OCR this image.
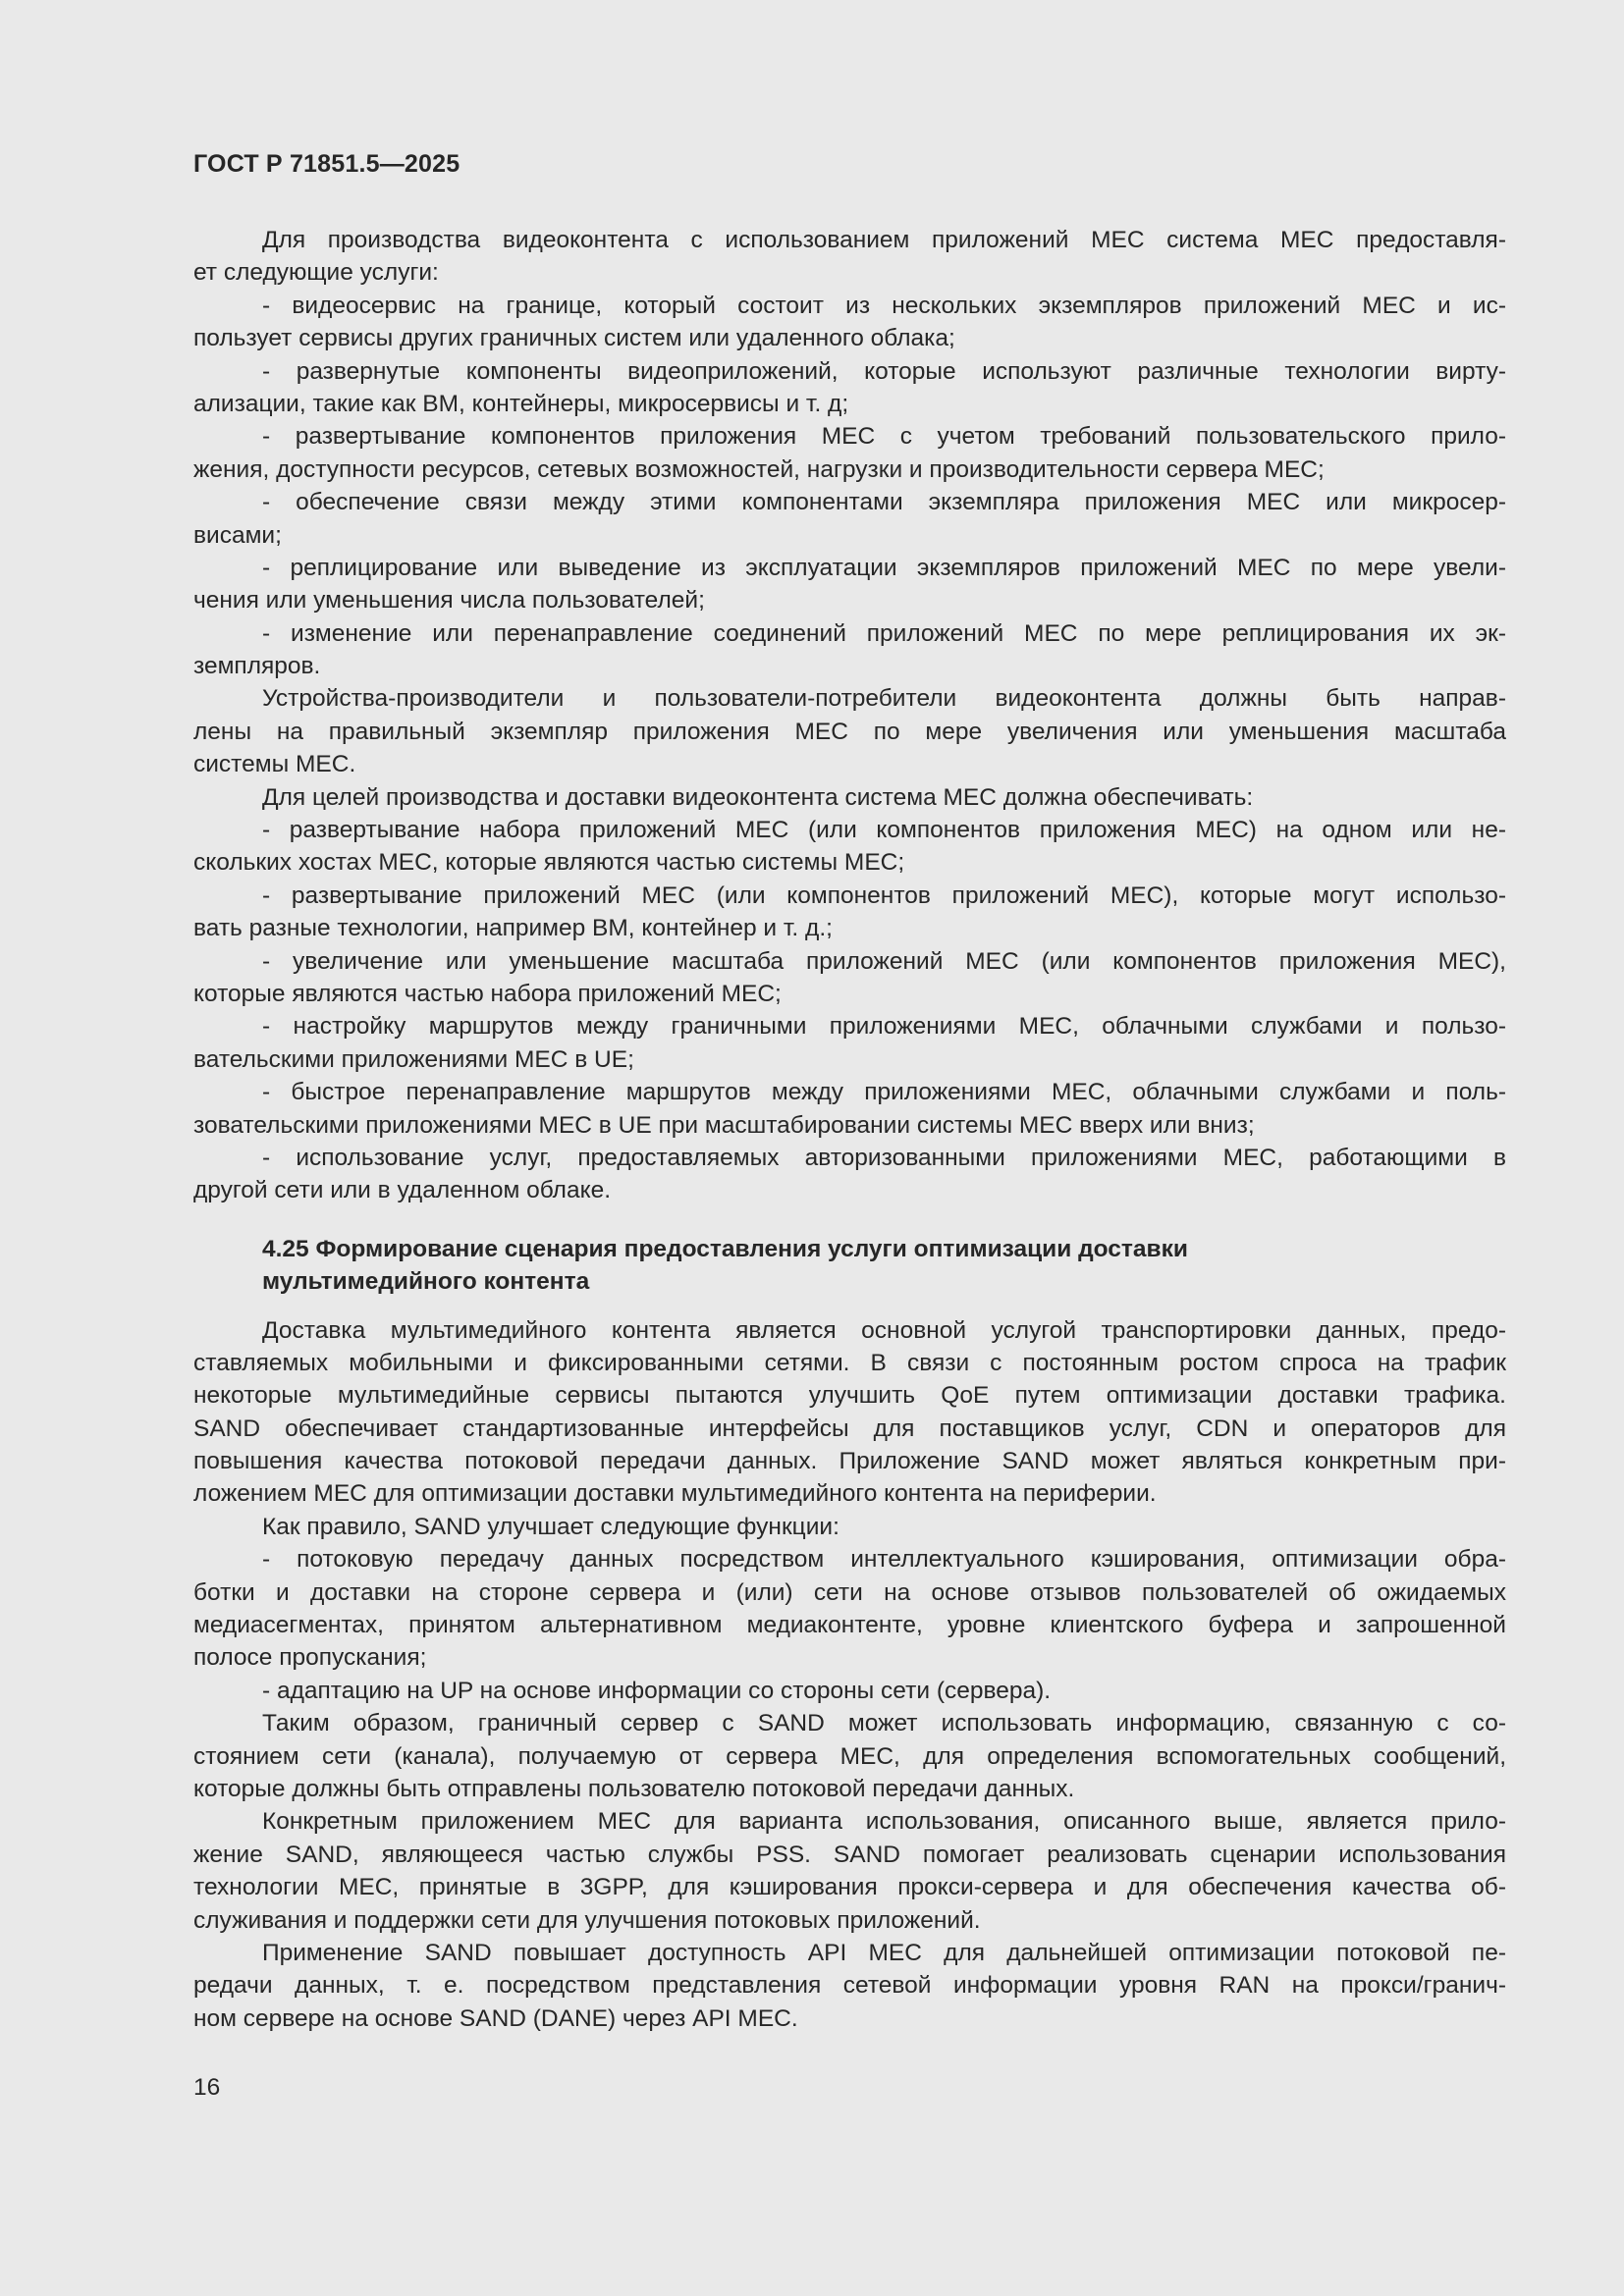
ГОСТ Р 71851.5—2025

Для производства видеоконтента с использованием приложений MEC система MEC предоставля-
ет следующие услуги:

- видеосервис на границе, который состоит из нескольких экземпляров приложений MEC и ис-
пользует сервисы других граничных систем или удаленного облака;

- развернутые компоненты видеоприложений, которые используют различные технологии вирту-
ализации, такие как ВМ, контейнеры, микросервисы и т. д;

- развертывание компонентов приложения MEC с учетом требований пользовательского прило-
жения, доступности ресурсов, сетевых возможностей, нагрузки и производительности сервера MEC;

- обеспечение связи между этими компонентами экземпляра приложения MEC или микросер-
висами;

- реплицирование или выведение из эксплуатации экземпляров приложений MEC по мере увели-
чения или уменьшения числа пользователей;

- изменение или перенаправление соединений приложений MEC по мере реплицирования их эк-
земпляров.

Устройства-производители и пользователи-потребители видеоконтента должны быть направ-
лены на правильный экземпляр приложения MEC по мере увеличения или уменьшения масштаба
системы MEC.

Для целей производства и доставки видеоконтента система MEC должна обеспечивать:

- развертывание набора приложений MEC (или компонентов приложения MEC) на одном или не-
скольких хостах MEC, которые являются частью системы MEC;

- развертывание приложений MEC (или компонентов приложений MEC), которые могут использо-
вать разные технологии, например ВМ, контейнер и т. д.;

- увеличение или уменьшение масштаба приложений MEC (или компонентов приложения MEC),
которые являются частью набора приложений MEC;

- настройку маршрутов между граничными приложениями MEC, облачными службами и пользо-
вательскими приложениями MEC в UE;

- быстрое перенаправление маршрутов между приложениями MEC, облачными службами и поль-
зовательскими приложениями MEC в UE при масштабировании системы MEC вверх или вниз;

- использование услуг, предоставляемых авторизованными приложениями MEC, работающими в
другой сети или в удаленном облаке.

4.25 Формирование сценария предоставления услуги оптимизации доставки
мультимедийного контента

Доставка мультимедийного контента является основной услугой транспортировки данных, предо-
ставляемых мобильными и фиксированными сетями. В связи с постоянным ростом спроса на трафик
некоторые мультимедийные сервисы пытаются улучшить QoE путем оптимизации доставки трафика.
SAND обеспечивает стандартизованные интерфейсы для поставщиков услуг, CDN и операторов для
повышения качества потоковой передачи данных. Приложение SAND может являться конкретным при-
ложением MEC для оптимизации доставки мультимедийного контента на периферии.

Как правило, SAND улучшает следующие функции:

- потоковую передачу данных посредством интеллектуального кэширования, оптимизации обра-
ботки и доставки на стороне сервера и (или) сети на основе отзывов пользователей об ожидаемых
медиасегментах, принятом альтернативном медиаконтенте, уровне клиентского буфера и запрошенной
полосе пропускания;

- адаптацию на UP на основе информации со стороны сети (сервера).

Таким образом, граничный сервер с SAND может использовать информацию, связанную с со-
стоянием сети (канала), получаемую от сервера MEC, для определения вспомогательных сообщений,
которые должны быть отправлены пользователю потоковой передачи данных.

Конкретным приложением MEC для варианта использования, описанного выше, является прило-
жение SAND, являющееся частью службы PSS. SAND помогает реализовать сценарии использования
технологии MEC, принятые в 3GPP, для кэширования прокси-сервера и для обеспечения качества об-
служивания и поддержки сети для улучшения потоковых приложений.

Применение SAND повышает доступность API MEC для дальнейшей оптимизации потоковой пе-
редачи данных, т. е. посредством представления сетевой информации уровня RAN на прокси/гранич-
ном сервере на основе SAND (DANE) через API MEC.

16
